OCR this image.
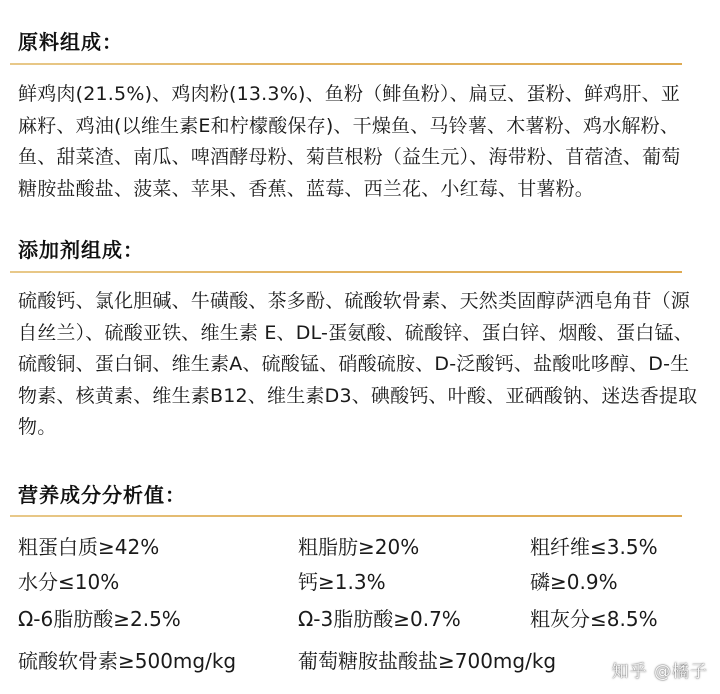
原料组成：
鲜鸡肉(21.5%)、鸡肉粉(13.3%)、鱼粉（鲱鱼粉）、扁豆、蛋粉、鲜鸡肝、亚麻籽、鸡油(以维生素E和柠檬酸保存)、干燥鱼、马铃薯、木薯粉、鸡水解粉、鱼、甜菜渣、南瓜、啤酒酵母粉、菊苣根粉（益生元）、海带粉、苜蓿渣、葡萄糖胺盐酸盐、菠菜、苹果、香蕉、蓝莓、西兰花、小红莓、甘薯粉。
添加剂组成：
硫酸钙、氯化胆碱、牛磺酸、茶多酚、硫酸软骨素、天然类固醇萨洒皂角苷（源自丝兰）、硫酸亚铁、维生素 E、DL-蛋氨酸、硫酸锌、蛋白锌、烟酸、蛋白锰、硫酸铜、蛋白铜、维生素A、硫酸锰、硝酸硫胺、D-泛酸钙、盐酸吡哆醇、D-生物素、核黄素、维生素B12、维生素D3、碘酸钙、叶酸、亚硒酸钠、迷迭香提取物。
营养成分分析值：
粗蛋白质≥42%	粗脂肪≥20%	粗纤维≤3.5%
水分≤10%	钙≥1.3%	磷≥0.9%
Ω-6脂肪酸≥2.5%	Ω-3脂肪酸≥0.7%	粗灰分≤8.5%
硫酸软骨素≥500mg/kg	葡萄糖胺盐酸盐≥700mg/kg	知乎 @橘子
